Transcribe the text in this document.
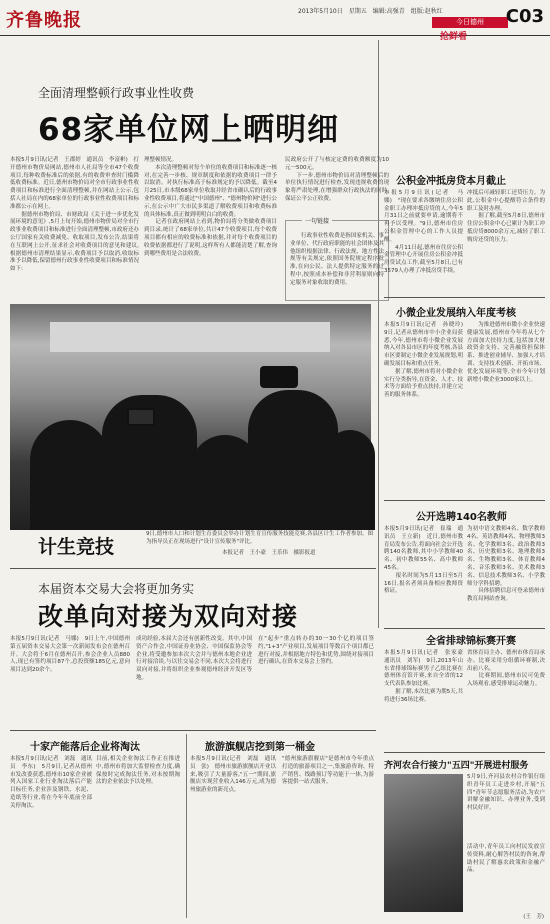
齐鲁晚报	2013年5月10日　星期五　编辑:高强青　组版:赵秋红
今日德州
抢鲜看
C03
全面清理整顿行政事业性收费
68家单位网上晒明细
本报5月9日讯(记者　王郡婷　通讯员　李富彬)　打开德州市物价局网站,德州市人社局等全市47个收费项目,每种收费标准后的依据,有的收费审查时门槛降低收费标准。近日,德州市物价局对全市行政事业性收费项目和标准进行全面清理整顿,并在网站上公示,包括人社局在内的68家单位的行政事业性收费项目和标准都公示在网上。
　　据德州市物价局、市财政局《关于进一步优化发展环境的意见》,5月上旬开始,德州市物价局对全市行政事业收费项目和标准进行全面清理整顿,市政府还办公厅国家有关收费减免、收取项目,发布公告,结果将在互联网上公开,征求社会对收费项目的意见和建议,根据德州市清理结果显示,收费项目予以取消,收取标准予以降低,保留德州行政事业性收费项目和标准情况如下:
理整顿情况。
　　本次清理整顿对每个单位的收费项目和标准逐一核对,在完善一步核、规章制度和依据的收费项目一律予以取消。对执行标准高于标准规定的予以降低。截至4月25日,市本级68家单位收取并经省市确认后的行政事业性收费项目,将通过"中国德州"、"德州物价网"进行公示,在公示中广大市民多渠道了解收费项目和收费标准的具体标准,真正做到明明白白的收费。
　　记者在政府网站上看到,物价局将分类做收费项目到目录,统计了68家单位,共计47个收费项目,每个收费项目都有相应的收费标准和依据,并对每个收费项目的收费依据都进行了说明,这样所有人都能清楚了解,查询到哪些费用是合法收费。
民政府公开了与核定定费的收费额度为10元一500元。
　　下一步,德州市物价局对清理整顿后的单位执行情况进行检查,发现违规收费的现象将严肃处理,在增强群众行政执法的同时,保证公平公正收费。
一句链接
　　行政事业性收费是指国家机关、事业单位、代行政府职能的社会团体及其他组织根据法律、行政法规、地方性法规等有关规定,依照国务院规定程序批准,在向公民、法人提供特定服务的过程中,按照成本补偿和非营利原则向特定服务对象收取的费用。
计生竞技
9日,德州市人口和计划生育委员会举办计划生育宣传服务技能竞赛,各县区计生工作者参加。图为指导员正在现场进行"设计宣传服务"评比。
本报记者　王小豪　王乐伟　摄影报道
本届资本交易大会将更加务实
改单向对接为双向对接
本报5月9日讯(记者　马娜)　9日上午,中国德州第五届资本交易大会第一次新闻发布会在德州召开。大会将于6月在德州召开,参会企业人员880人,现已有签约项目87个,总投资额185亿元,意向项目达到20余个。
成功经验,本届大会还有创新性改变。其中,中国资产合作会,中国证券业协会、中国保监协会等企业,将受邀参加本次大会并与德州本地企业进行对接洽谈,与以往交易会不同,本次大会将进行双向对接,并将组织企业参观德州经济开发区等地。
在"起步"重点转办的30一30个亿的项目签约,"1+3"产业项目,发展项目等数百个项目都已进行对接,并根据地方特色和优势,围绕对接项目进行确认,在资本交易会上签约。
公积金冲抵房贷本月截止
本报5月9日讯(记者　马娜)　"现在要求各缴纳住房公积金职工办理冲抵房贷的人,今年5月31日之前就要申请,逾期将不再予以受理。"9日,德州市住房公积金管理中心的工作人员提醒。
　　4月11日起,德州市住房公积金管理中心开展住房公积金冲抵房贷试点工作,截至5月8日,已有3579人办理了冲抵房贷手续。
冲抵后可减轻职工还贷压力。为此,公积金中心提醒符合条件的职工及时办理。
　　据了解,截至5月8日,德州市住房公积金中心已累计为职工冲抵房贷8000余万元,减轻了职工购房还贷的压力。
小微企业发展纳入年度考核
本报5月9日讯(记者　孙晓玲)　9日,记者从德州市中小企业局获悉,今年,德州市将小微企业发展纳入对各县市区的年度考核,各县市区要制定小微企业发展规划,明确发展目标和重点任务。
　　据了解,德州市将对小微企业实行分类指导,在资金、人才、技术等方面给予重点扶持,并建立完善的服务体系。
　　为推进德州市微小企业快速健康发展,德州市今年将从七个方面加大扶持力度,包括加大财政资金支持、完善融资担保体系、推进创业辅导、加强人才培训、支持技术创新、开拓市场、优化发展环境等,全市今年计划新增小微企业3000家以上。
公开选聘140名教师
本报5月9日讯(记者　崔瑞　通讯员　王立新)　近日,德州市教育局发布公告,将面向社会公开选聘140名教师,其中小学教师40名、初中教师55名、高中教师45名。
　　报名时间为5月13日至5月16日,报名者须具备相应教师资格证。
为初中语文教师4名、数学教师4名、英语教师4名、物理教师3名、化学教师3名、政治教师3名、历史教师3名、地理教师3名、生物教师3名、体育教师4名、音乐教师3名、美术教师3名、信息技术教师3名、小学教师分学科招聘。
　　具体招聘信息可登录德州市教育局网站查询。
全省排球锦标赛开赛
本报5月9日讯(记者　张家豪　通讯员　刘军)　9日,2013年山东省排球锦标赛男子乙组比赛在德州体育馆开赛,来自全省的12支代表队参加比赛。
　　据了解,本次比赛为期5天,共将进行36场比赛。
省体育局主办、德州市体育局承办。比赛采用分组循环赛制,决出前八名。
　　比赛期间,德州市民可免费入场观看,感受排球运动魅力。
齐河农合行接力"五四"开展进村服务
5月9日,齐河县农村合作银行组织青年员工走进乡村,开展"五四"青年节志愿服务活动,为农户讲解金融知识、办理业务,受到村民好评。
活动中,青年员工向村民发放宣传资料,耐心解答村民的咨询,帮助村民了解惠农政策和金融产品。
(王　芳)
十家产能落后企业将淘汰
本报5月9日讯(记者　刘磊　通讯员　李东)　5月9日,记者从德州市发改委获悉,德州市10家企业被列入国家工业行业淘汰落后产能目标任务,企业涉及钢铁、水泥、造纸等行业,将在今年年底前全部关停淘汰。
目前,相关企业淘汰工作正在推进中,德州市将加大监督检查力度,确保按时完成淘汰任务,对未按期淘汰的企业依法予以处理。
旅游旗舰店挖到第一桶金
本报5月9日讯(记者　刘磊　通讯员　张)　德州市旅游旗舰店开业以来,吸引了大量游客,"五一"期间,旗舰店实现营业收入146万元,成为德州旅游业的新亮点。
"德州旅游旗舰店"是德州市今年重点打造的旅游项目之一,集旅游咨询、特产销售、线路预订等功能于一体,为游客提供一站式服务。
